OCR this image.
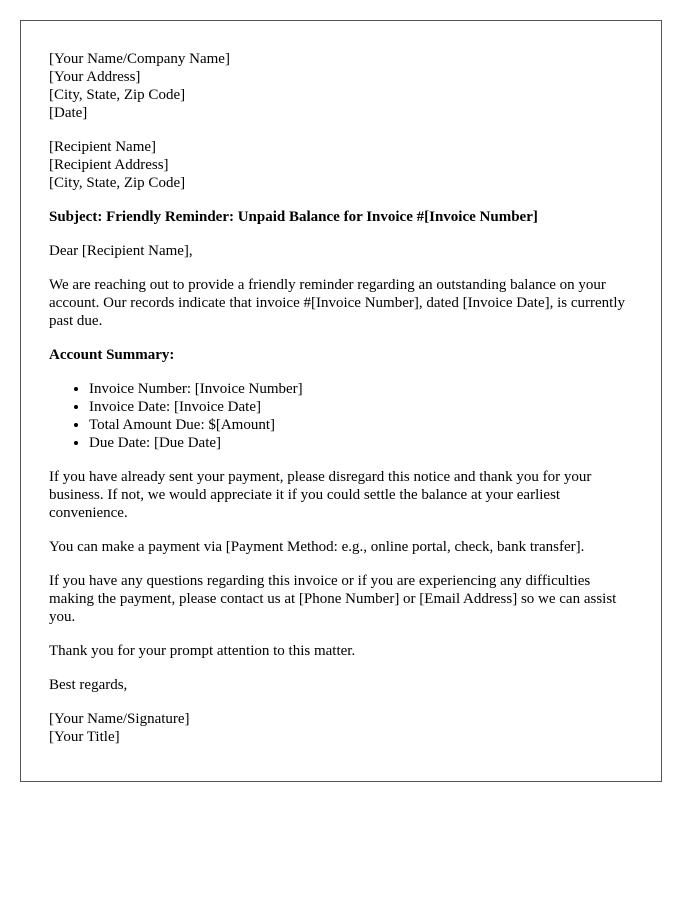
[Your Name/Company Name]
[Your Address]
[City, State, Zip Code]
[Date]
[Recipient Name]
[Recipient Address]
[City, State, Zip Code]

Subject: Friendly Reminder: Unpaid Balance for Invoice #[Invoice Number]

Dear [Recipient Name],

We are reaching out to provide a friendly reminder regarding an outstanding balance on your account. Our records indicate that invoice #[Invoice Number], dated [Invoice Date], is currently past due.

Account Summary:

• Invoice Number: [Invoice Number]
• Invoice Date: [Invoice Date]
• Total Amount Due: $[Amount]
• Due Date: [Due Date]

If you have already sent your payment, please disregard this notice and thank you for your business. If not, we would appreciate it if you could settle the balance at your earliest convenience.

You can make a payment via [Payment Method: e.g., online portal, check, bank transfer].

If you have any questions regarding this invoice or if you are experiencing any difficulties making the payment, please contact us at [Phone Number] or [Email Address] so we can assist you.

Thank you for your prompt attention to this matter.

Best regards,

[Your Name/Signature]
[Your Title]
